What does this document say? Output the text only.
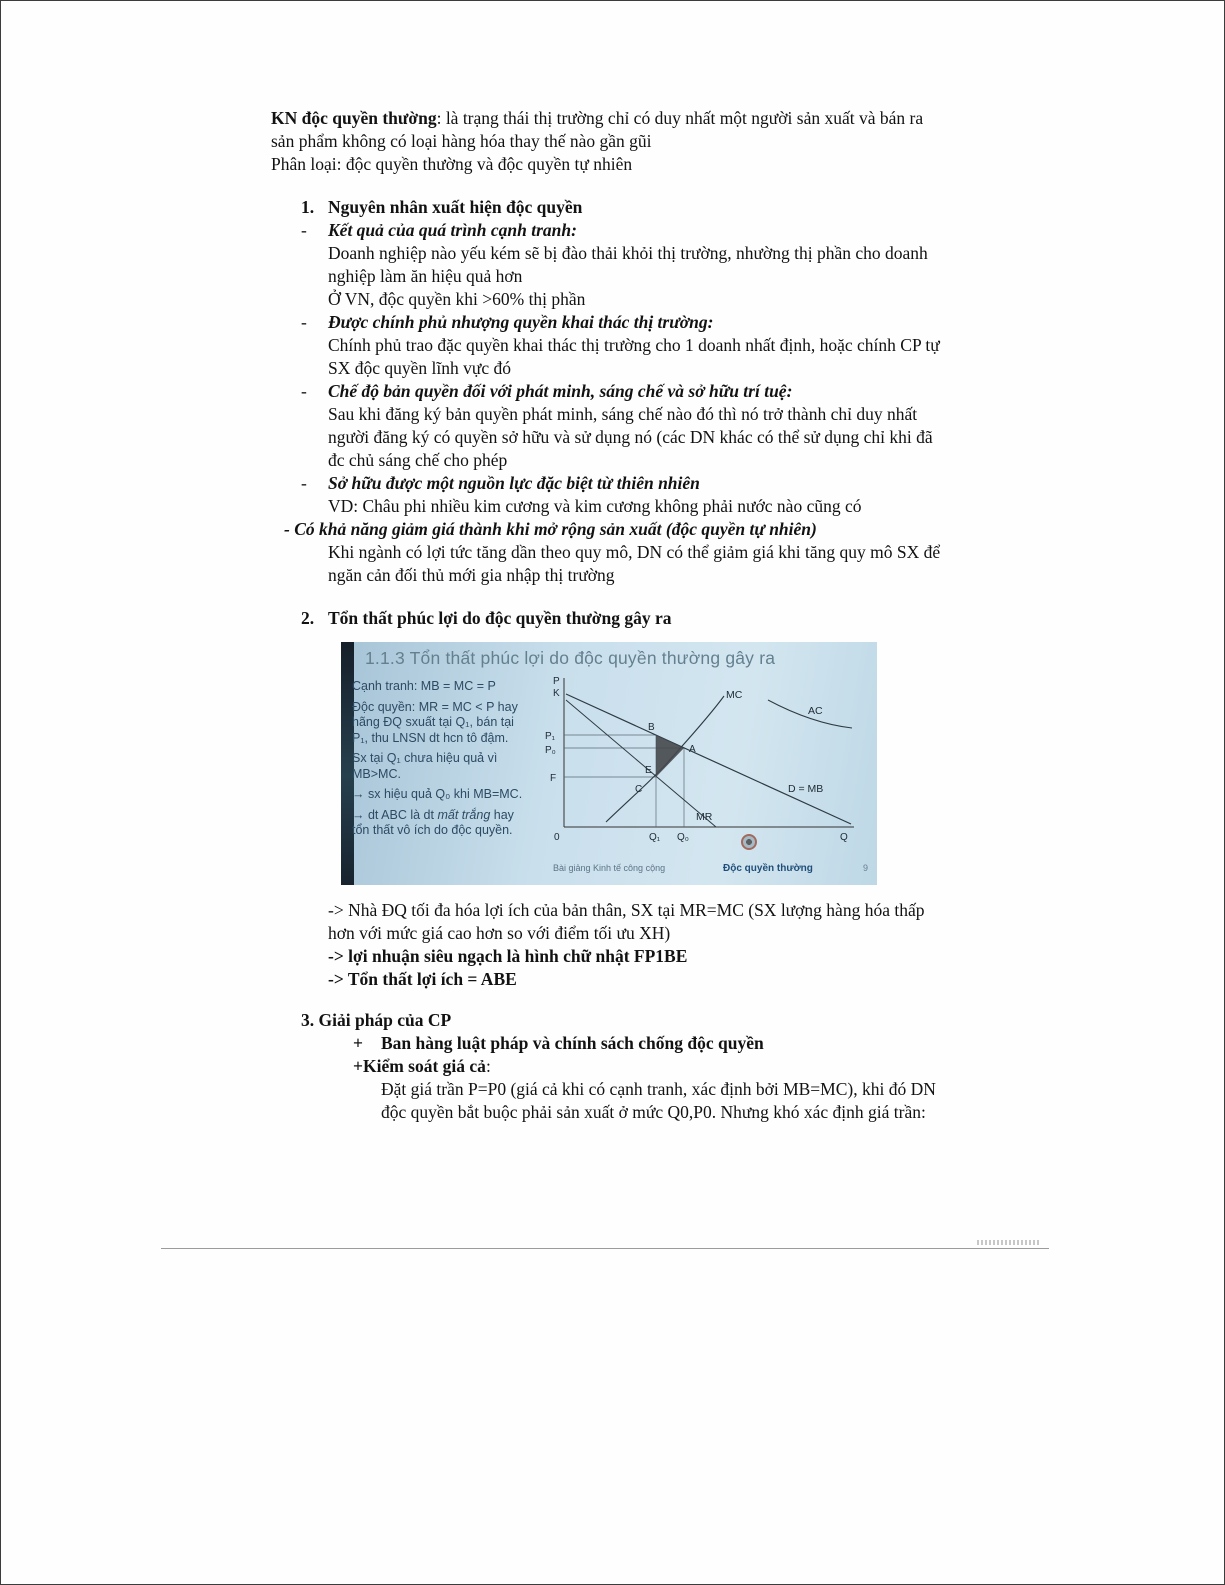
KN độc quyền thường: là trạng thái thị trường chỉ có duy nhất một người sản xuất và bán ra sản phẩm không có loại hàng hóa thay thế nào gần gũi

Phân loại: độc quyền thường và độc quyền tự nhiên

1. Nguyên nhân xuất hiện độc quyền
-	Kết quả của quá trình cạnh tranh:

Doanh nghiệp nào yếu kém sẽ bị đào thải khỏi thị trường, nhường thị phần cho doanh nghiệp làm ăn hiệu quả hơn

Ở VN, độc quyền khi >60% thị phần

-	Được chính phủ nhượng quyền khai thác thị trường:

Chính phủ trao đặc quyền khai thác thị trường cho 1 doanh nhất định, hoặc chính CP tự SX độc quyền lĩnh vực đó

-	Chế độ bản quyền đối với phát minh, sáng chế và sở hữu trí tuệ:

Sau khi đăng ký bản quyền phát minh, sáng chế nào đó thì nó trở thành chỉ duy nhất người đăng ký có quyền sở hữu và sử dụng nó (các DN khác có thể sử dụng chỉ khi đã đc chủ sáng chế cho phép

-	Sở hữu được một nguồn lực đặc biệt từ thiên nhiên

VD: Châu phi nhiều kim cương và kim cương không phải nước nào cũng có

- Có khả năng giảm giá thành khi mở rộng sản xuất (độc quyền tự nhiên)

Khi ngành có lợi tức tăng dần theo quy mô, DN có thể giảm giá khi tăng quy mô SX để ngăn cản đối thủ mới gia nhập thị trường

2. Tổn thất phúc lợi do độc quyền thường gây ra
1.1.3 Tổn thất phúc lợi do độc quyền thường gây ra

Cạnh tranh: MB = MC = P

Độc quyền: MR = MC < P hay hãng ĐQ sxuất tại Q₁, bán tại P₁, thu LNSN dt hcn tô đậm.

Sx tại Q₁ chưa hiệu quả vì MB>MC.

→ sx hiệu quả Q₀ khi MB=MC.

→ dt ABC là dt mất trắng hay tổn thất vô ích do độc quyền.

P
K
P₁
P₀
F
0	Q₁ Q₀	Q
MC
AC
MR
D = MB
B
A
C
E
Bài giảng Kinh tế công cộng	Độc quyền thường	9

-> Nhà ĐQ tối đa hóa lợi ích của bản thân, SX tại MR=MC (SX lượng hàng hóa thấp hơn với mức giá cao hơn so với điểm tối ưu XH)

-> lợi nhuận siêu ngạch là hình chữ nhật FP1BE

-> Tổn thất lợi ích = ABE

3. Giải pháp của CP

+	Ban hàng luật pháp và chính sách chống độc quyền

+Kiểm soát giá cả:

Đặt giá trần P=P0 (giá cả khi có cạnh tranh, xác định bởi MB=MC), khi đó DN độc quyền bắt buộc phải sản xuất ở mức Q0,P0. Nhưng khó xác định giá trần:
